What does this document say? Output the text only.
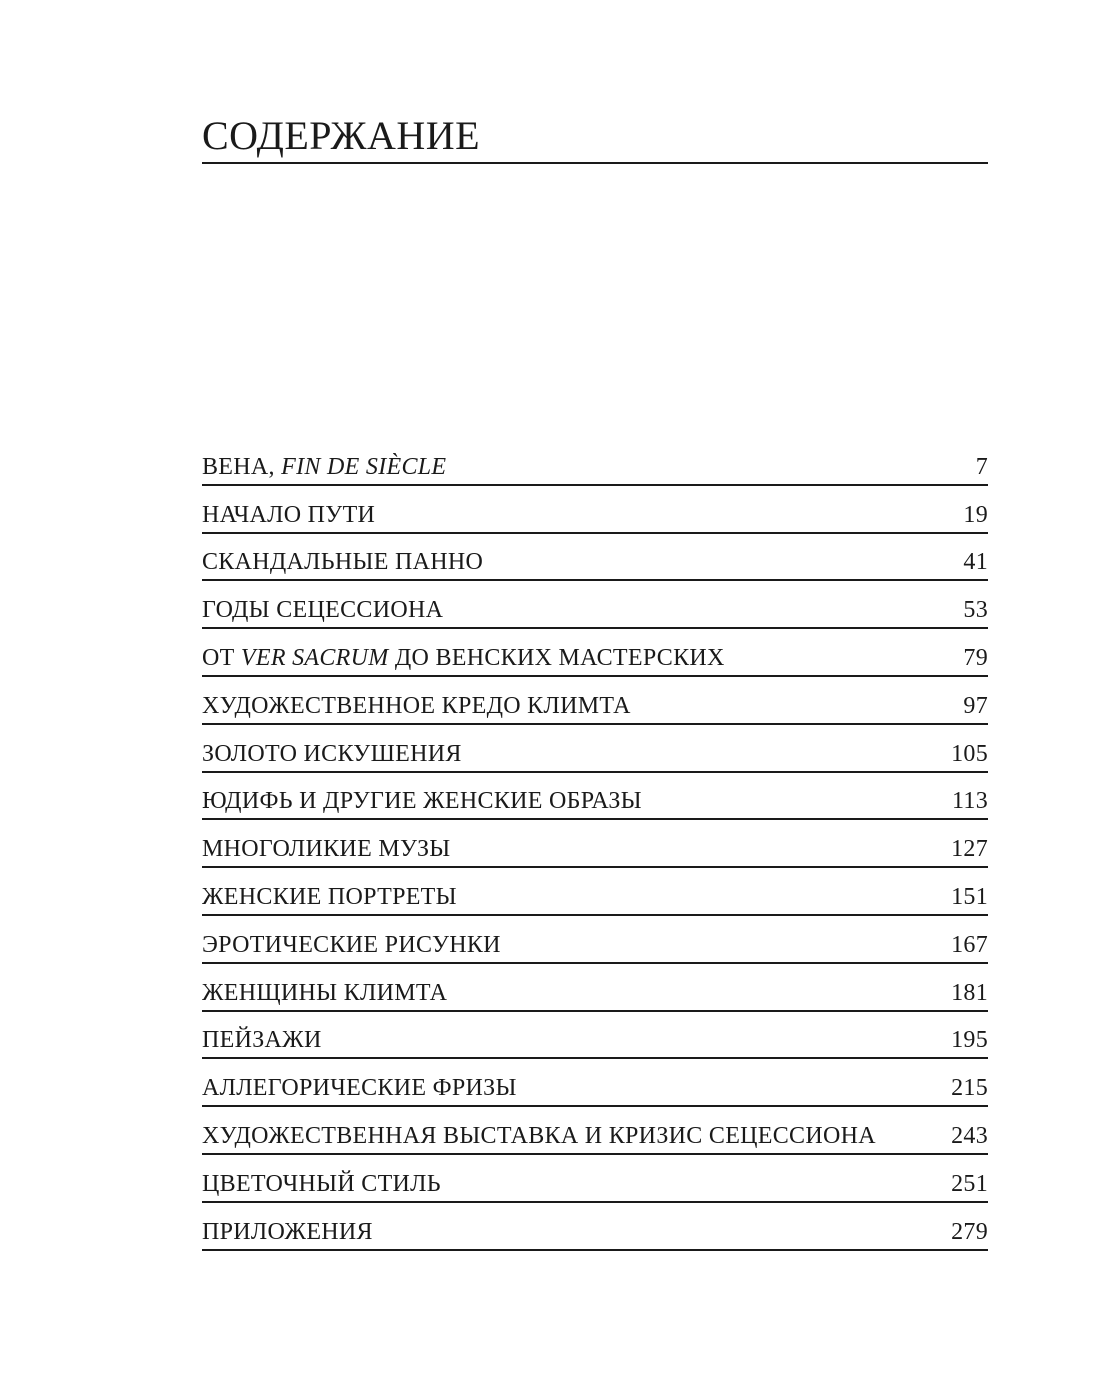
СОДЕРЖАНИЕ
ВЕНА, FIN DE SIÈCLE	7
НАЧАЛО ПУТИ	19
СКАНДАЛЬНЫЕ ПАННО	41
ГОДЫ СЕЦЕССИОНА	53
ОТ VER SACRUM ДО ВЕНСКИХ МАСТЕРСКИХ	79
ХУДОЖЕСТВЕННОЕ КРЕДО КЛИМТА	97
ЗОЛОТО ИСКУШЕНИЯ	105
ЮДИФЬ И ДРУГИЕ ЖЕНСКИЕ ОБРАЗЫ	113
МНОГОЛИКИЕ МУЗЫ	127
ЖЕНСКИЕ ПОРТРЕТЫ	151
ЭРОТИЧЕСКИЕ РИСУНКИ	167
ЖЕНЩИНЫ КЛИМТА	181
ПЕЙЗАЖИ	195
АЛЛЕГОРИЧЕСКИЕ ФРИЗЫ	215
ХУДОЖЕСТВЕННАЯ ВЫСТАВКА И КРИЗИС СЕЦЕССИОНА	243
ЦВЕТОЧНЫЙ СТИЛЬ	251
ПРИЛОЖЕНИЯ	279
